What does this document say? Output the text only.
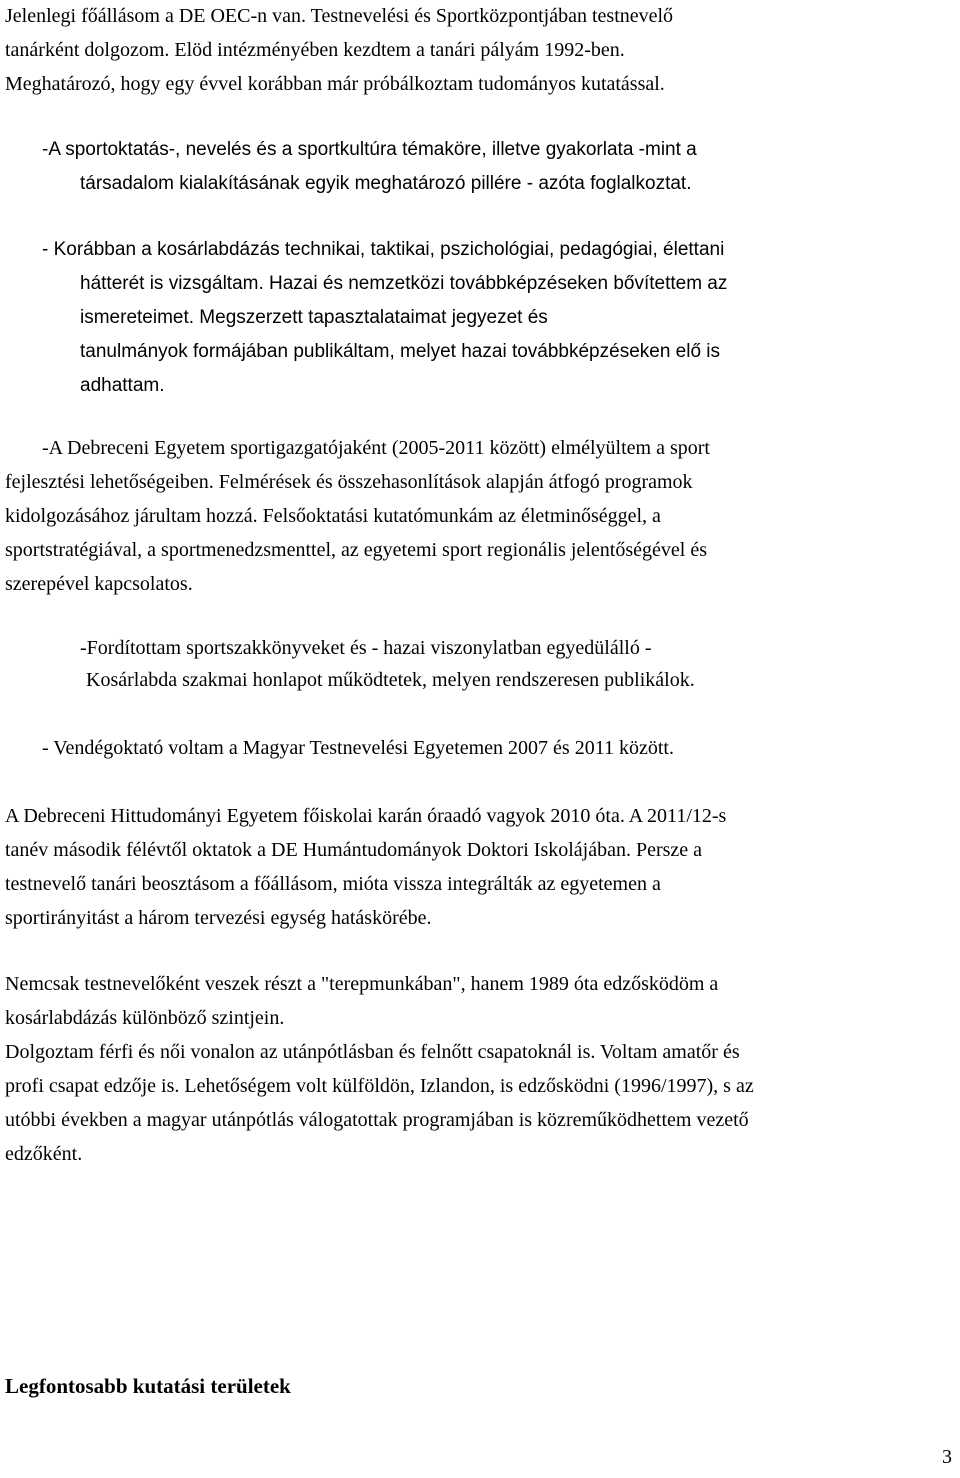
Jelenlegi főállásom a DE OEC-n van. Testnevelési és Sportközpontjában testnevelő
tanárként dolgozom. Elöd intézményében kezdtem a tanári pályám 1992-ben.
Meghatározó, hogy egy évvel korábban már próbálkoztam tudományos kutatással.
-A sportoktatás-, nevelés és a sportkultúra témaköre, illetve gyakorlata -mint a
társadalom kialakításának egyik meghatározó pillére - azóta foglalkoztat.
- Korábban a kosárlabdázás technikai, taktikai, pszichológiai, pedagógiai, élettani
hátterét is vizsgáltam. Hazai és nemzetközi továbbképzéseken bővítettem az
ismereteimet. Megszerzett tapasztalataimat jegyezet és
tanulmányok formájában publikáltam, melyet hazai továbbképzéseken elő is
adhattam.
-A Debreceni Egyetem sportigazgatójaként (2005-2011 között) elmélyültem a sport
fejlesztési lehetőségeiben. Felmérések és összehasonlítások alapján átfogó programok
kidolgozásához járultam hozzá. Felsőoktatási kutatómunkám az életminőséggel, a
sportstratégiával, a sportmenedzsmenttel, az egyetemi sport regionális jelentőségével és
szerepével kapcsolatos.
-Fordítottam sportszakkönyveket és - hazai viszonylatban egyedülálló -
Kosárlabda szakmai honlapot működtetek, melyen rendszeresen publikálok.
- Vendégoktató voltam a Magyar Testnevelési Egyetemen 2007 és 2011 között.
A Debreceni Hittudományi Egyetem főiskolai karán óraadó vagyok 2010 óta. A 2011/12-s
tanév második félévtől oktatok a DE Humántudományok Doktori Iskolájában. Persze a
testnevelő tanári beosztásom a főállásom, mióta vissza integrálták az egyetemen a
sportirányitást a három tervezési egység hatáskörébe.
Nemcsak testnevelőként veszek részt a "terepmunkában", hanem 1989 óta edzősködöm a
kosárlabdázás különböző szintjein.
Dolgoztam férfi és női vonalon az utánpótlásban és felnőtt csapatoknál is. Voltam amatőr és
profi csapat edzője is. Lehetőségem volt külföldön, Izlandon, is edzősködni (1996/1997), s az
utóbbi években a magyar utánpótlás válogatottak programjában is közreműködhettem vezető
edzőként.
Legfontosabb kutatási területek
3
